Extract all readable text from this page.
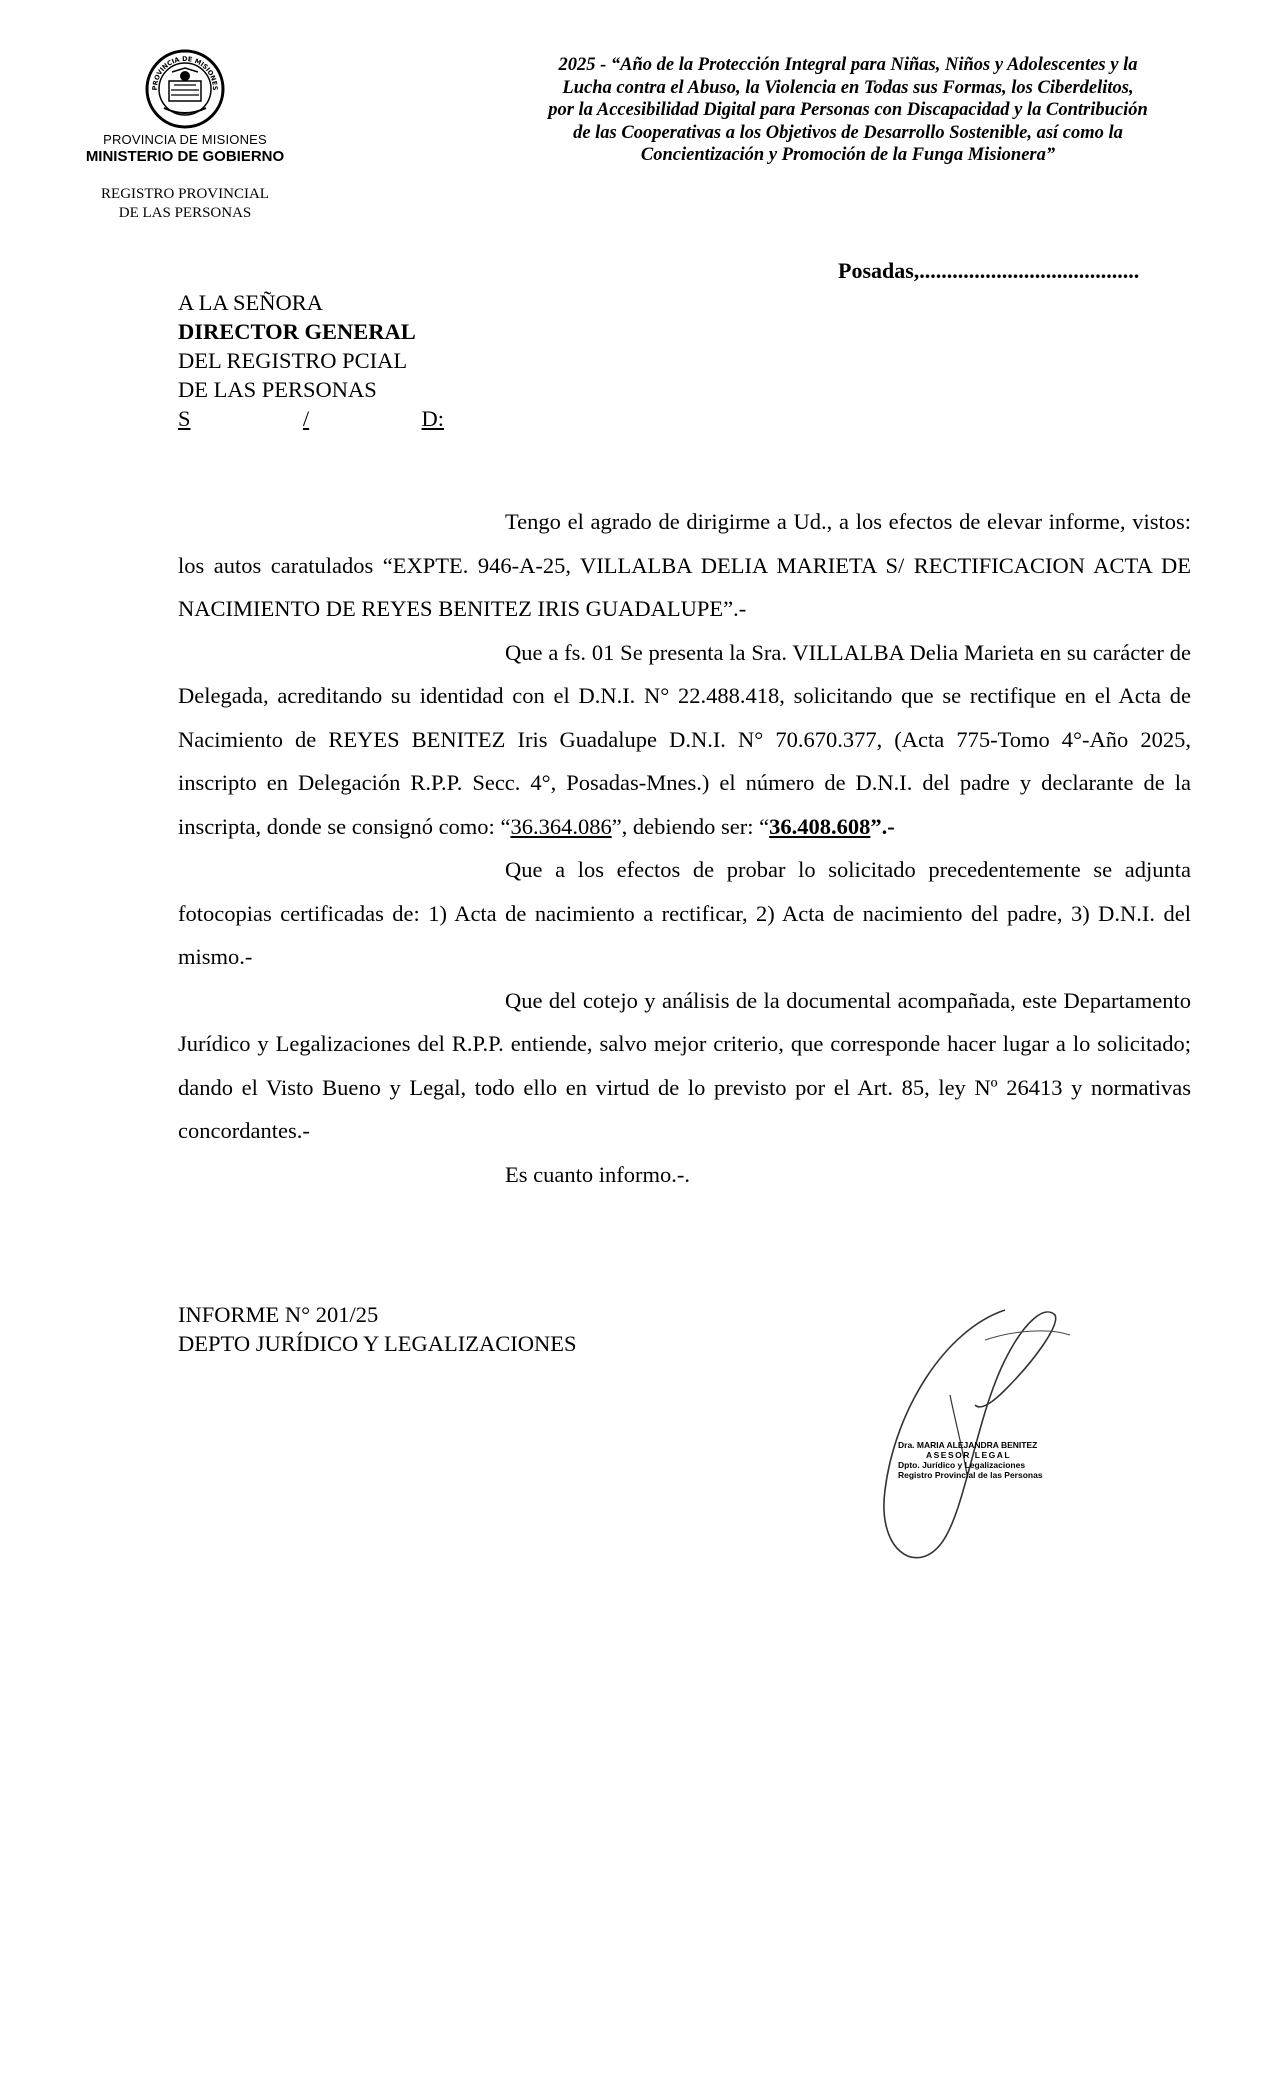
PROVINCIA DE MISIONES
PROVINCIA DE MISIONES
MINISTERIO DE GOBIERNO
REGISTRO PROVINCIAL
DE LAS PERSONAS
2025 - “Año de la Protección Integral para Niñas, Niños y Adolescentes y la
Lucha contra el Abuso, la Violencia en Todas sus Formas, los Ciberdelitos,
por la Accesibilidad Digital para Personas con Discapacidad y la Contribución
de las Cooperativas a los Objetivos de Desarrollo Sostenible, así como la
Concientización y Promoción de la Funga Misionera”
Posadas,........................................
A LA SEÑORA
DIRECTOR GENERAL
DEL REGISTRO PCIAL
DE LAS PERSONAS
S	/	D:

Tengo el agrado de dirigirme a Ud., a los efectos de elevar informe, vistos: los autos caratulados “EXPTE. 946-A-25, VILLALBA DELIA MARIETA S/ RECTIFICACION ACTA DE NACIMIENTO DE REYES BENITEZ IRIS GUADALUPE”.-

Que a fs. 01 Se presenta la Sra. VILLALBA Delia Marieta en su carácter de Delegada, acreditando su identidad con el D.N.I. N° 22.488.418, solicitando que se rectifique en el Acta de Nacimiento de REYES BENITEZ Iris Guadalupe D.N.I. N° 70.670.377, (Acta 775-Tomo 4°-Año 2025, inscripto en Delegación R.P.P. Secc. 4°, Posadas-Mnes.) el número de D.N.I. del padre y declarante de la inscripta, donde se consignó como: “36.364.086”, debiendo ser: “36.408.608”.-

Que a los efectos de probar lo solicitado precedentemente se adjunta fotocopias certificadas de: 1) Acta de nacimiento a rectificar, 2) Acta de nacimiento del padre, 3) D.N.I. del mismo.-

Que del cotejo y análisis de la documental acompañada, este Departamento Jurídico y Legalizaciones del R.P.P. entiende, salvo mejor criterio, que corresponde hacer lugar a lo solicitado; dando el Visto Bueno y Legal, todo ello en virtud de lo previsto por el Art. 85, ley Nº 26413 y normativas concordantes.-

Es cuanto informo.-.

INFORME N° 201/25
DEPTO JURÍDICO Y LEGALIZACIONES
Dra. MARIA ALEJANDRA BENITEZ
ASESOR LEGAL
Dpto. Jurídico y Legalizaciones
Registro Provincial de las Personas
